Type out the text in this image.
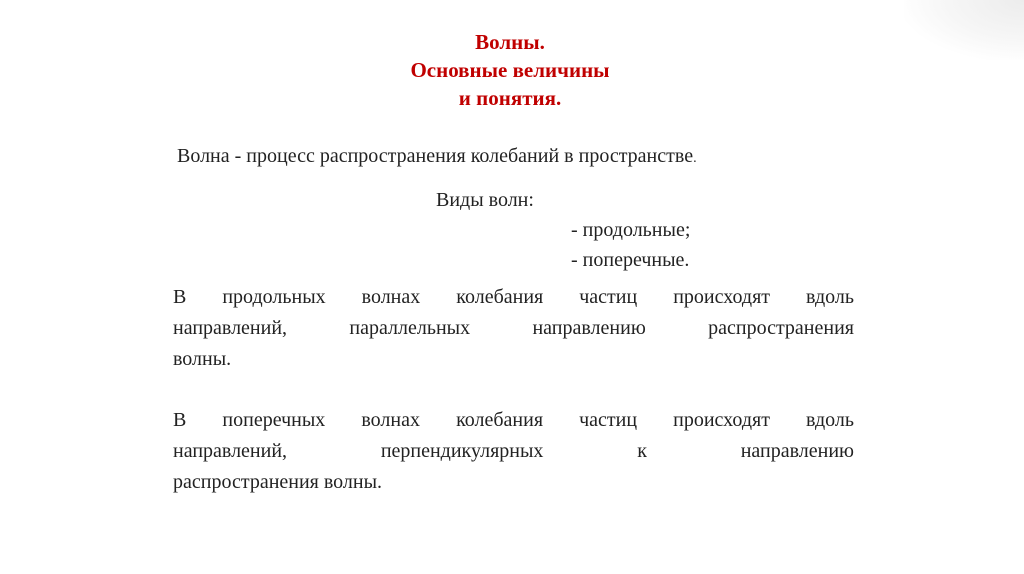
Волны.
Основные величины
и понятия.
Волна - процесс распространения колебаний в пространстве.
Виды волн:
- продольные;
- поперечные.
В продольных волнах колебания частиц происходят вдоль
направлений, параллельных направлению распространения
волны.
В поперечных волнах колебания частиц происходят вдоль
направлений, перпендикулярных к направлению
распространения волны.
